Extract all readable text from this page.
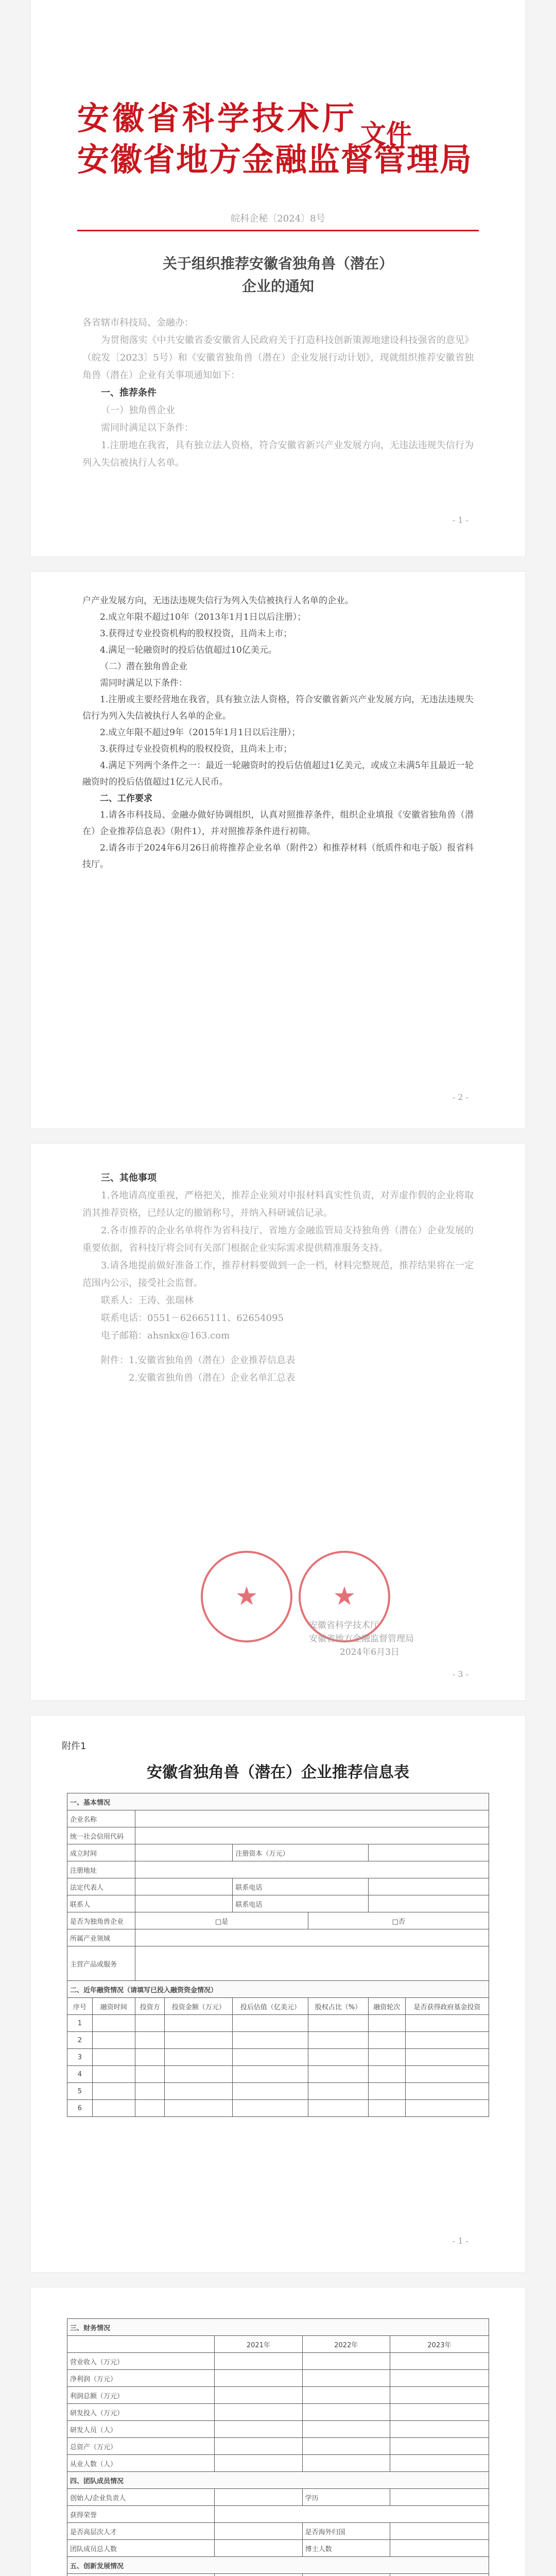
安徽省科学技术厅 文件
安徽省地方金融监督管理局
皖科企秘〔2024〕8号
关于组织推荐安徽省独角兽（潜在）
企业的通知
各省辖市科技局、金融办：
为贯彻落实《中共安徽省委安徽省人民政府关于打造科技创新策源地建设科技强省的意见》（皖发〔2023〕5号）和《安徽省独角兽（潜在）企业发展行动计划》，现就组织推荐安徽省独角兽（潜在）企业有关事项通知如下：
一、推荐条件
（一）独角兽企业
需同时满足以下条件：
1.注册地在我省，具有独立法人资格，符合安徽省新兴产业发展方向，无违法违规失信行为列入失信被执行人名单。
- 1 -
户产业发展方向，无违法违规失信行为列入失信被执行人名单的企业。
2.成立年限不超过10年（2013年1月1日以后注册）；
3.获得过专业投资机构的股权投资，且尚未上市；
4.满足一轮融资时的投后估值超过10亿美元。
（二）潜在独角兽企业
需同时满足以下条件：
1.注册或主要经营地在我省，具有独立法人资格，符合安徽省新兴产业发展方向，无违法违规失信行为列入失信被执行人名单的企业。
2.成立年限不超过9年（2015年1月1日以后注册）；
3.获得过专业投资机构的股权投资，且尚未上市；
4.满足下列两个条件之一：最近一轮融资时的投后估值超过1亿美元，或成立未满5年且最近一轮融资时的投后估值超过1亿元人民币。
二、工作要求
1.请各市科技局、金融办做好协调组织，认真对照推荐条件，组织企业填报《安徽省独角兽（潜在）企业推荐信息表》（附件1），并对照推荐条件进行初筛。
2.请各市于2024年6月26日前将推荐企业名单（附件2）和推荐材料（纸质件和电子版）报省科技厅。
- 2 -
三、其他事项
1.各地请高度重视，严格把关，推荐企业须对申报材料真实性负责，对弄虚作假的企业将取消其推荐资格，已经认定的撤销称号，并纳入科研诚信记录。
2.各市推荐的企业名单将作为省科技厅、省地方金融监管局支持独角兽（潜在）企业发展的重要依据，省科技厅将会同有关部门根据企业实际需求提供精准服务支持。
3.请各地提前做好准备工作，推荐材料要做到一企一档，材料完整规范，推荐结果将在一定范围内公示，接受社会监督。
联系人：王涛、张瑞林
联系电话：0551－62665111、62654095
电子邮箱：ahsnkx@163.com
附件：1.安徽省独角兽（潜在）企业推荐信息表
2.安徽省独角兽（潜在）企业名单汇总表
★	★
安徽省科学技术厅
安徽省地方金融监督管理局
2024年6月3日
- 3 -
附件1
安徽省独角兽（潜在）企业推荐信息表
一、基本情况							
企业名称							
统一社会信用代码							
成立时间				注册资本（万元）			
注册地址							
法定代表人				联系电话			
联系人				联系电话			
是否为独角兽企业		□是			□否		
所属产业领域							
主营产品或服务							
二、近年融资情况（请填写已投入融资资金情况）							
序号	融资时间	投资方	投资金额（万元）	投后估值（亿美元）	股权占比（%）	融资轮次	是否获得政府基金投资
1							
2							
3							
4							
5							
6							
- 1 -
三、财务情况			
	2021年	2022年	2023年
营业收入（万元）			
净利润（万元）			
利润总额（万元）			
研发投入（万元）			
研发人员（人）			
总资产（万元）			
从业人数（人）			
四、团队成员情况			
创始人/企业负责人		学历	
获得荣誉			
是否高层次人才		是否海外归国	
团队成员总人数		博士人数	
五、创新发展情况			
